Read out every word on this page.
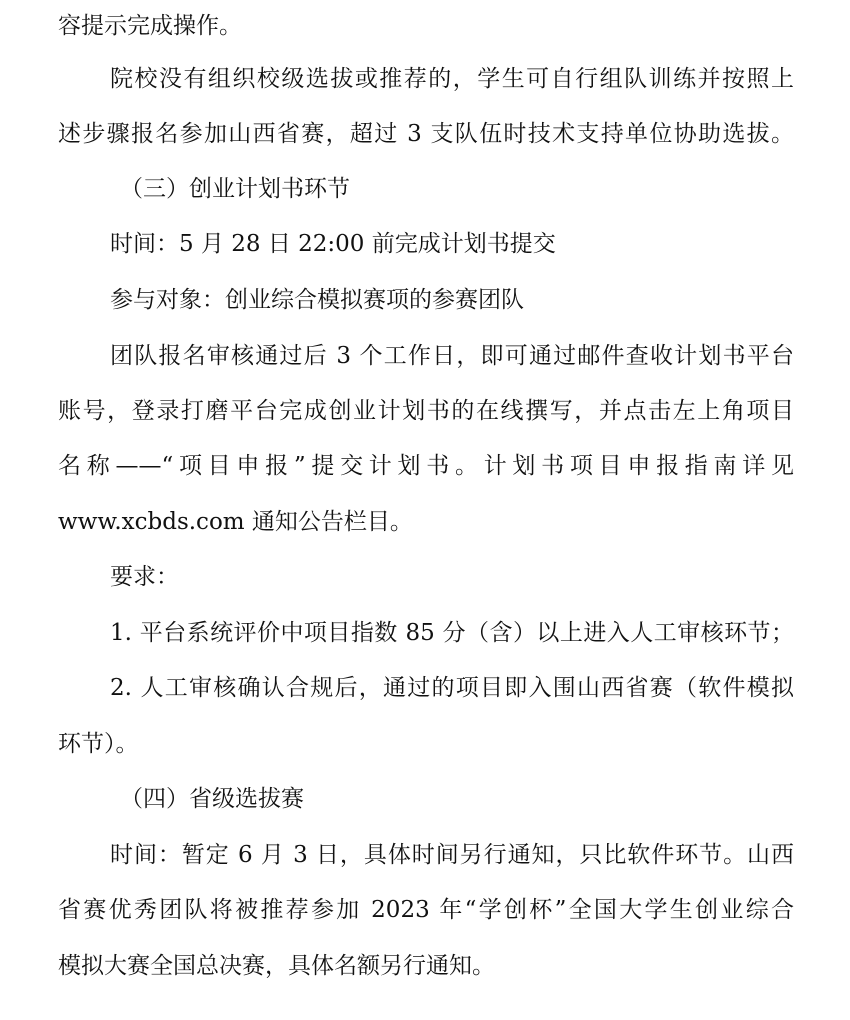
容提示完成操作。
院校没有组织校级选拔或推荐的，学生可自行组队训练并按照上
述步骤报名参加山西省赛，超过 3 支队伍时技术支持单位协助选拔。
（三）创业计划书环节
时间：5 月 28 日 22:00 前完成计划书提交
参与对象：创业综合模拟赛项的参赛团队
团队报名审核通过后 3 个工作日，即可通过邮件查收计划书平台
账号，登录打磨平台完成创业计划书的在线撰写，并点击左上角项目
名称——“项目申报”提交计划书。计划书项目申报指南详见
www.xcbds.com 通知公告栏目。
要求：
1. 平台系统评价中项目指数 85 分（含）以上进入人工审核环节；
2. 人工审核确认合规后，通过的项目即入围山西省赛（软件模拟
环节）。
（四）省级选拔赛
时间：暂定 6 月 3 日，具体时间另行通知，只比软件环节。山西
省赛优秀团队将被推荐参加 2023 年“学创杯”全国大学生创业综合
模拟大赛全国总决赛，具体名额另行通知。
